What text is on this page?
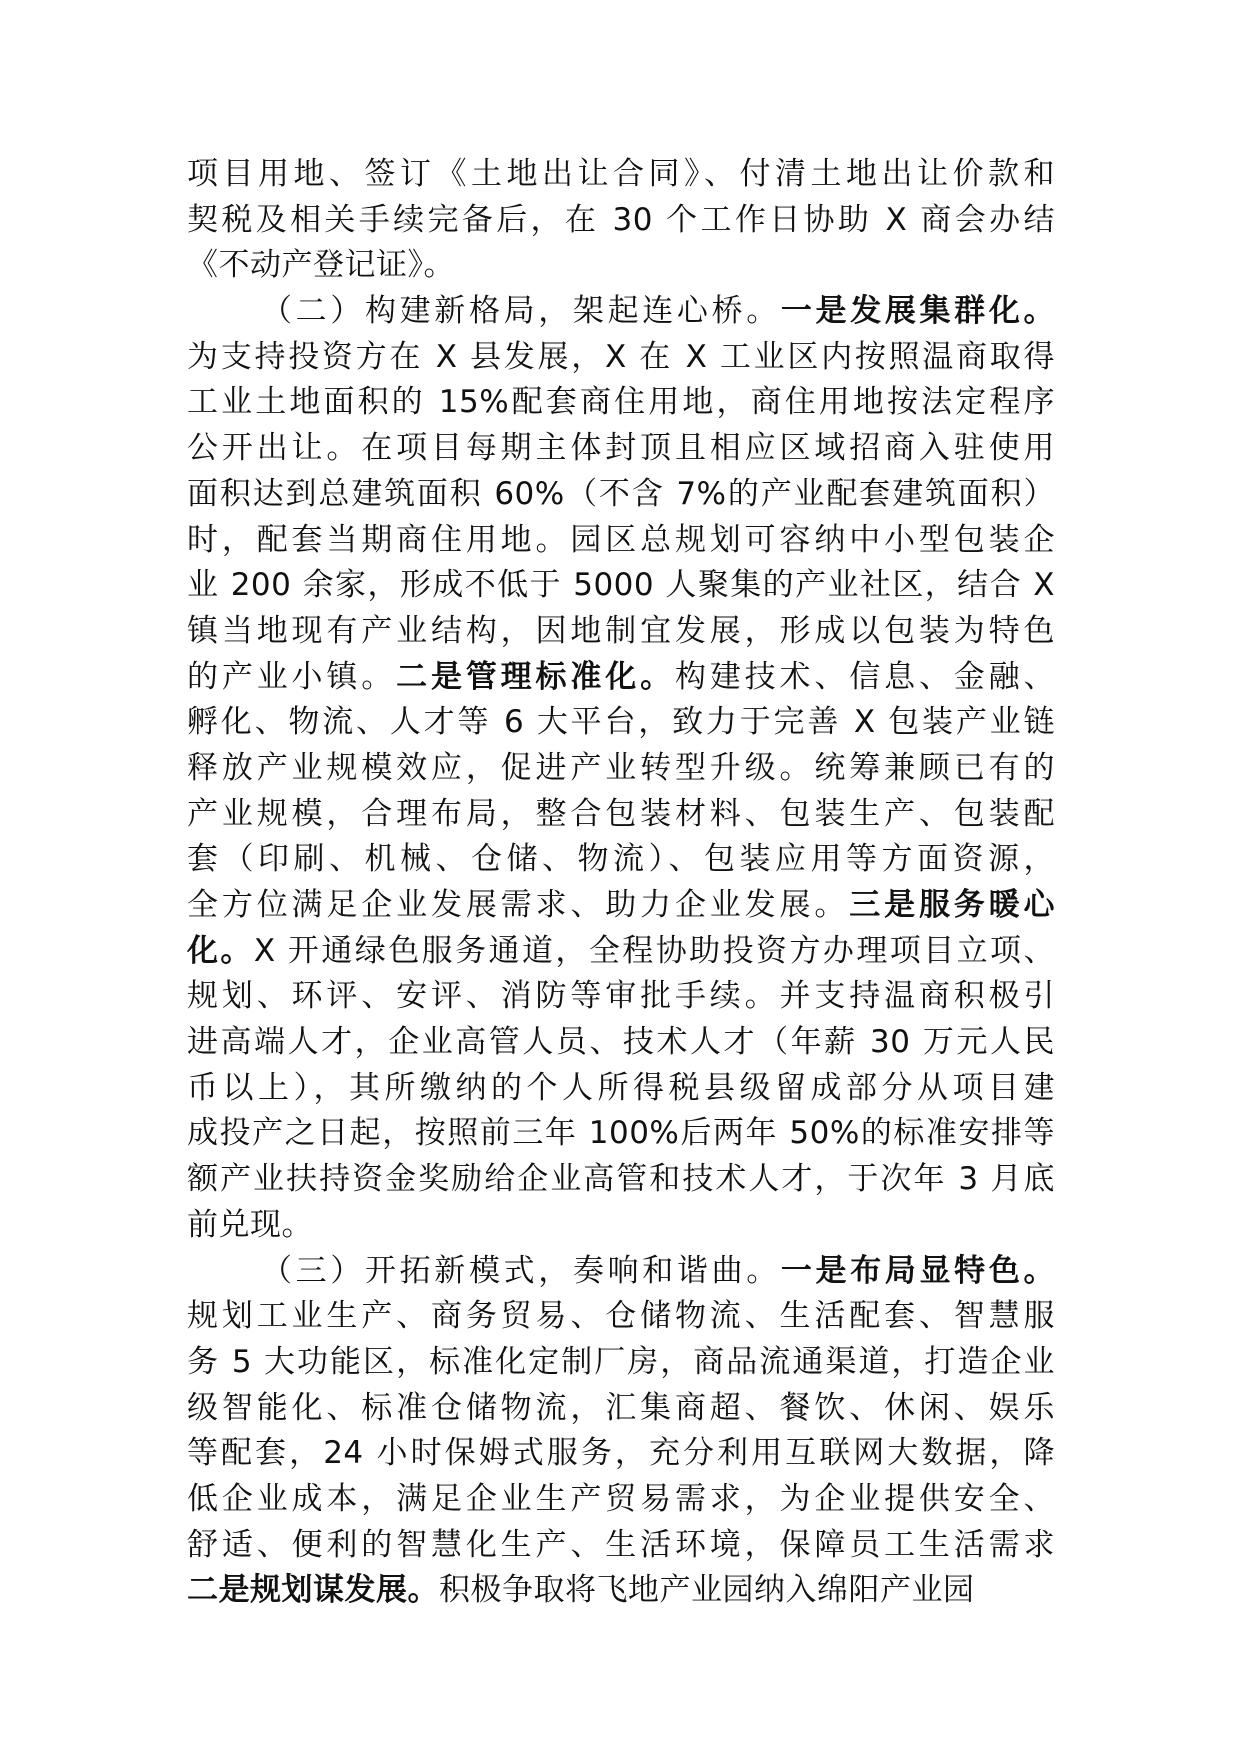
项目用地、签订《土地出让合同》、付清土地出让价款和
契税及相关手续完备后，在 30 个工作日协助 X 商会办结
《不动产登记证》。
（二）构建新格局，架起连心桥。一是发展集群化。
为支持投资方在 X 县发展，X 在 X 工业区内按照温商取得
工业土地面积的 15%配套商住用地，商住用地按法定程序
公开出让。在项目每期主体封顶且相应区域招商入驻使用
面积达到总建筑面积 60%（不含 7%的产业配套建筑面积）
时，配套当期商住用地。园区总规划可容纳中小型包装企
业 200 余家，形成不低于 5000 人聚集的产业社区，结合 X
镇当地现有产业结构，因地制宜发展，形成以包装为特色
的产业小镇。二是管理标准化。构建技术、信息、金融、
孵化、物流、人才等 6 大平台，致力于完善 X 包装产业链
释放产业规模效应，促进产业转型升级。统筹兼顾已有的
产业规模，合理布局，整合包装材料、包装生产、包装配
套（印刷、机械、仓储、物流）、包装应用等方面资源，
全方位满足企业发展需求、助力企业发展。三是服务暖心
化。X 开通绿色服务通道，全程协助投资方办理项目立项、
规划、环评、安评、消防等审批手续。并支持温商积极引
进高端人才，企业高管人员、技术人才（年薪 30 万元人民
币以上），其所缴纳的个人所得税县级留成部分从项目建
成投产之日起，按照前三年 100%后两年 50%的标准安排等
额产业扶持资金奖励给企业高管和技术人才，于次年 3 月底
前兑现。
（三）开拓新模式，奏响和谐曲。一是布局显特色。
规划工业生产、商务贸易、仓储物流、生活配套、智慧服
务 5 大功能区，标准化定制厂房，商品流通渠道，打造企业
级智能化、标准仓储物流，汇集商超、餐饮、休闲、娱乐
等配套，24 小时保姆式服务，充分利用互联网大数据，降
低企业成本，满足企业生产贸易需求，为企业提供安全、
舒适、便利的智慧化生产、生活环境，保障员工生活需求
二是规划谋发展。积极争取将飞地产业园纳入绵阳产业园
